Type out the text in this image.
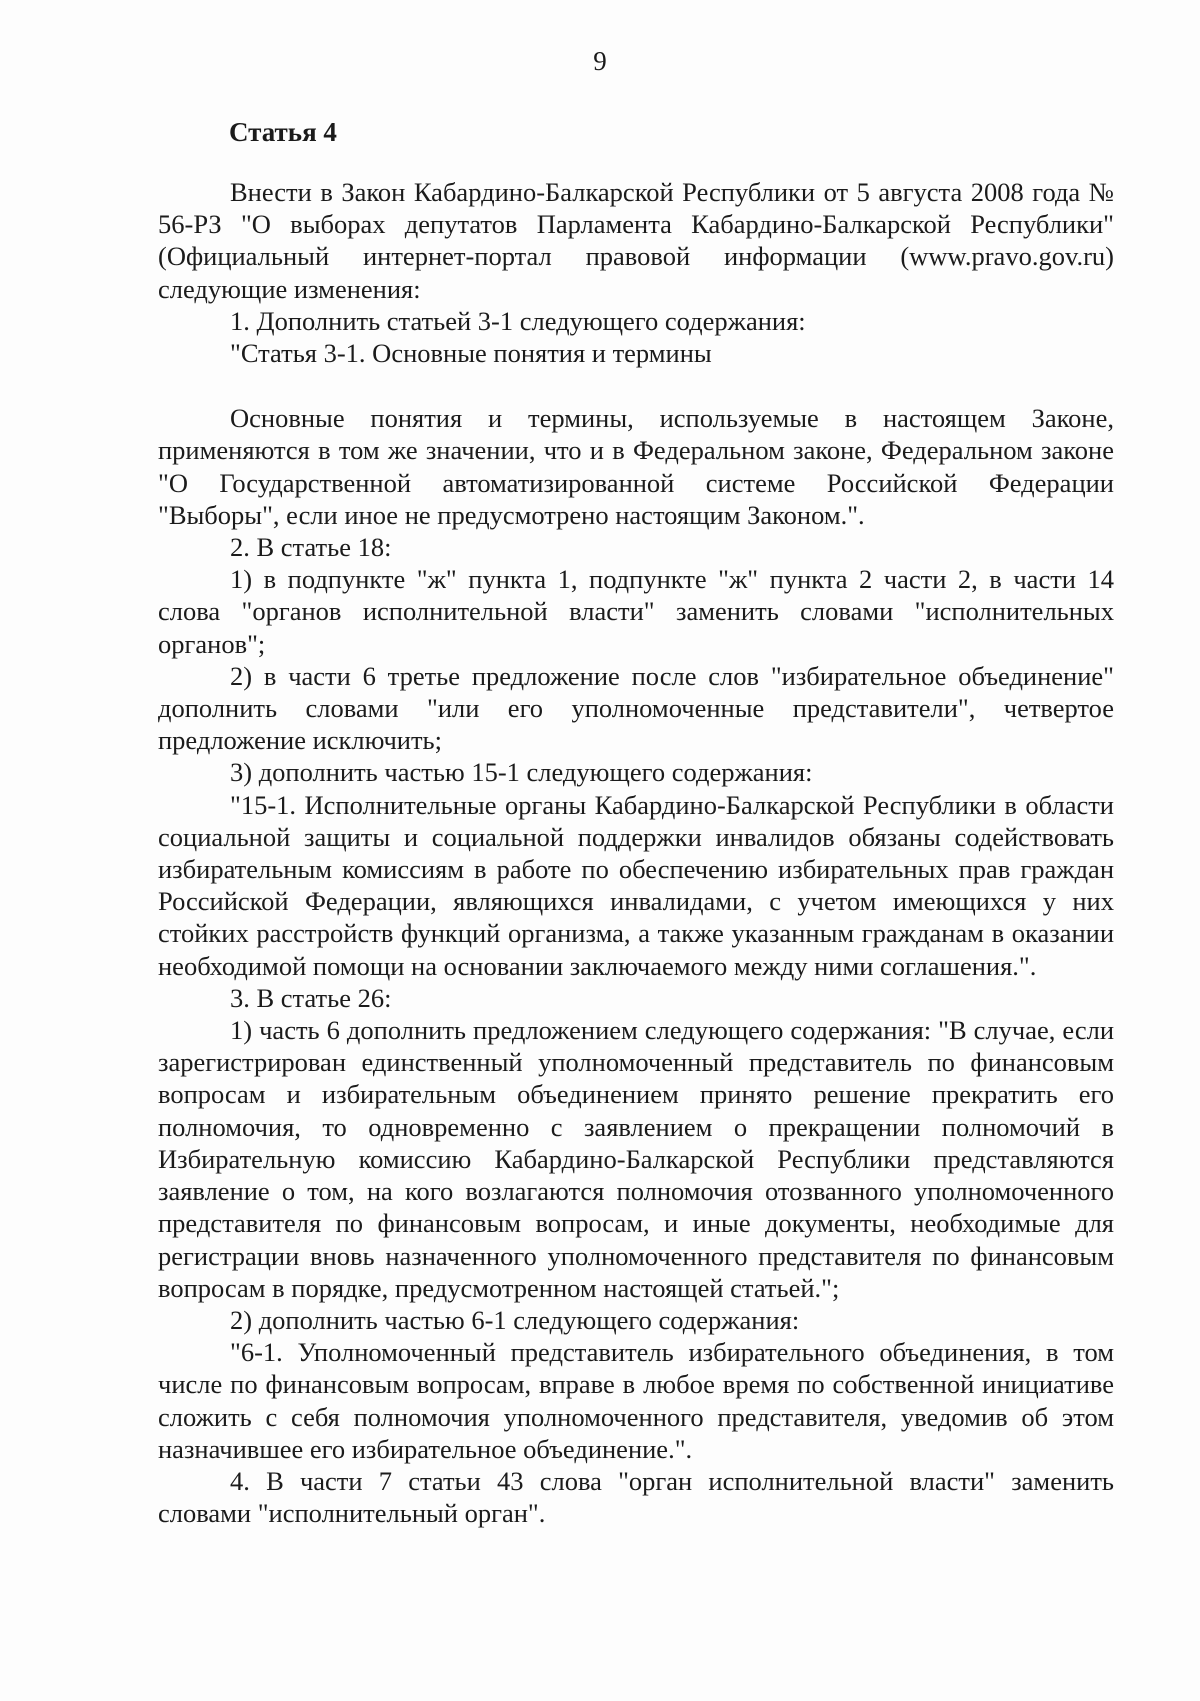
9
Статья 4

Внести в Закон Кабардино-Балкарской Республики от 5 августа 2008 года № 56-РЗ "О выборах депутатов Парламента Кабардино-Балкарской Республики" (Официальный интернет-портал правовой информации (www.pravo.gov.ru) следующие изменения:

1. Дополнить статьей 3-1 следующего содержания:

"Статья 3-1. Основные понятия и термины

Основные понятия и термины, используемые в настоящем Законе, применяются в том же значении, что и в Федеральном законе, Федеральном законе "О Государственной автоматизированной системе Российской Федерации "Выборы", если иное не предусмотрено настоящим Законом.".

2. В статье 18:

1) в подпункте "ж" пункта 1, подпункте "ж" пункта 2 части 2, в части 14 слова "органов исполнительной власти" заменить словами "исполнительных органов";

2) в части 6 третье предложение после слов "избирательное объединение" дополнить словами "или его уполномоченные представители", четвертое предложение исключить;

3) дополнить частью 15-1 следующего содержания:

"15-1. Исполнительные органы Кабардино-Балкарской Республики в области социальной защиты и социальной поддержки инвалидов обязаны содействовать избирательным комиссиям в работе по обеспечению избирательных прав граждан Российской Федерации, являющихся инвалидами, с учетом имеющихся у них стойких расстройств функций организма, а также указанным гражданам в оказании необходимой помощи на основании заключаемого между ними соглашения.".

3. В статье 26:

1) часть 6 дополнить предложением следующего содержания: "В случае, если зарегистрирован единственный уполномоченный представитель по финансовым вопросам и избирательным объединением принято решение прекратить его полномочия, то одновременно с заявлением о прекращении полномочий в Избирательную комиссию Кабардино-Балкарской Республики представляются заявление о том, на кого возлагаются полномочия отозванного уполномоченного представителя по финансовым вопросам, и иные документы, необходимые для регистрации вновь назначенного уполномоченного представителя по финансовым вопросам в порядке, предусмотренном настоящей статьей.";

2) дополнить частью 6-1 следующего содержания:

"6-1. Уполномоченный представитель избирательного объединения, в том числе по финансовым вопросам, вправе в любое время по собственной инициативе сложить с себя полномочия уполномоченного представителя, уведомив об этом назначившее его избирательное объединение.".

4. В части 7 статьи 43 слова "орган исполнительной власти" заменить словами "исполнительный орган".
